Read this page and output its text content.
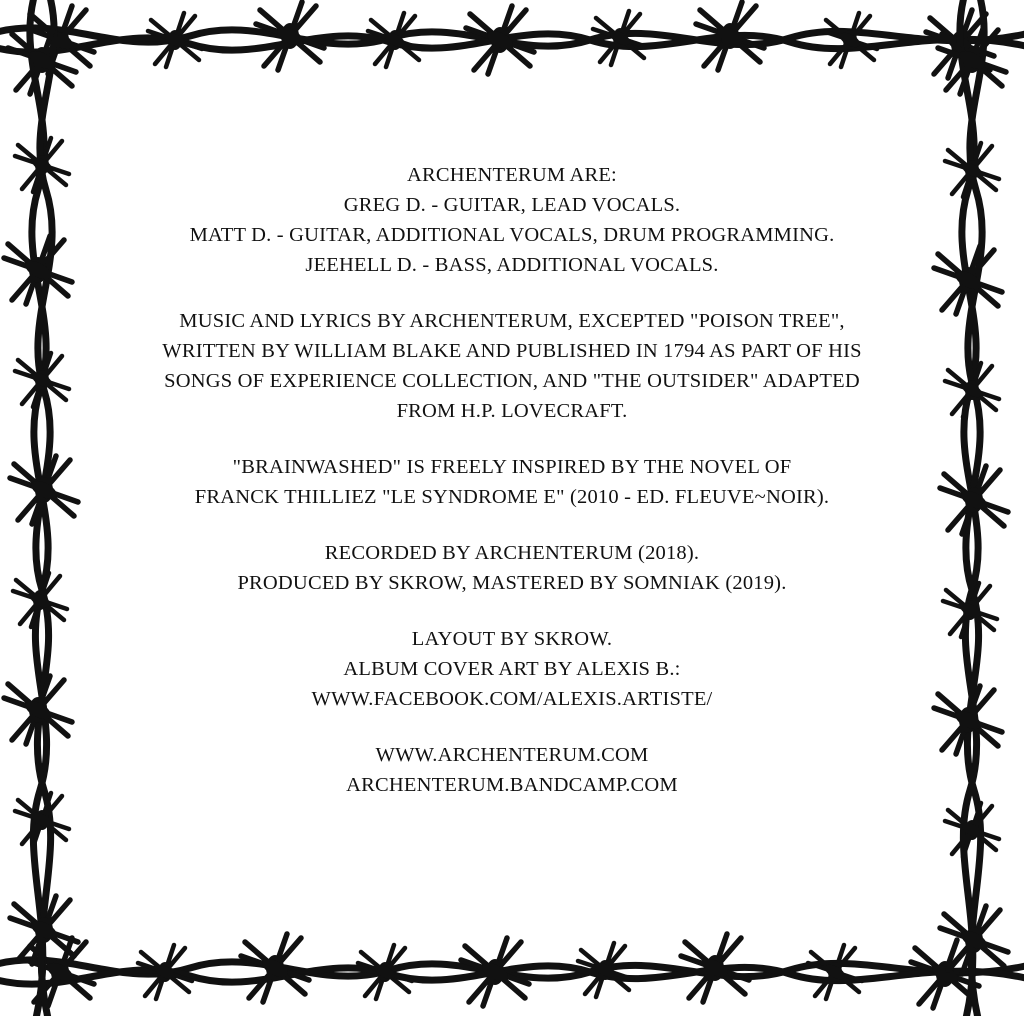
ARCHENTERUM ARE:
GREG D. - GUITAR, LEAD VOCALS.
MATT D. - GUITAR, ADDITIONAL VOCALS, DRUM PROGRAMMING.
JEEHELL D. - BASS, ADDITIONAL VOCALS.
MUSIC AND LYRICS BY ARCHENTERUM, EXCEPTED "POISON TREE",
WRITTEN BY WILLIAM BLAKE AND PUBLISHED IN 1794 AS PART OF HIS
SONGS OF EXPERIENCE COLLECTION, AND "THE OUTSIDER" ADAPTED
FROM H.P. LOVECRAFT.
"BRAINWASHED" IS FREELY INSPIRED BY THE NOVEL OF
FRANCK THILLIEZ "LE SYNDROME E" (2010 - ED. FLEUVE~NOIR).
RECORDED BY ARCHENTERUM (2018).
PRODUCED BY SKROW, MASTERED BY SOMNIAK (2019).
LAYOUT BY SKROW.
ALBUM COVER ART BY ALEXIS B.:
WWW.FACEBOOK.COM/ALEXIS.ARTISTE/
WWW.ARCHENTERUM.COM
ARCHENTERUM.BANDCAMP.COM
